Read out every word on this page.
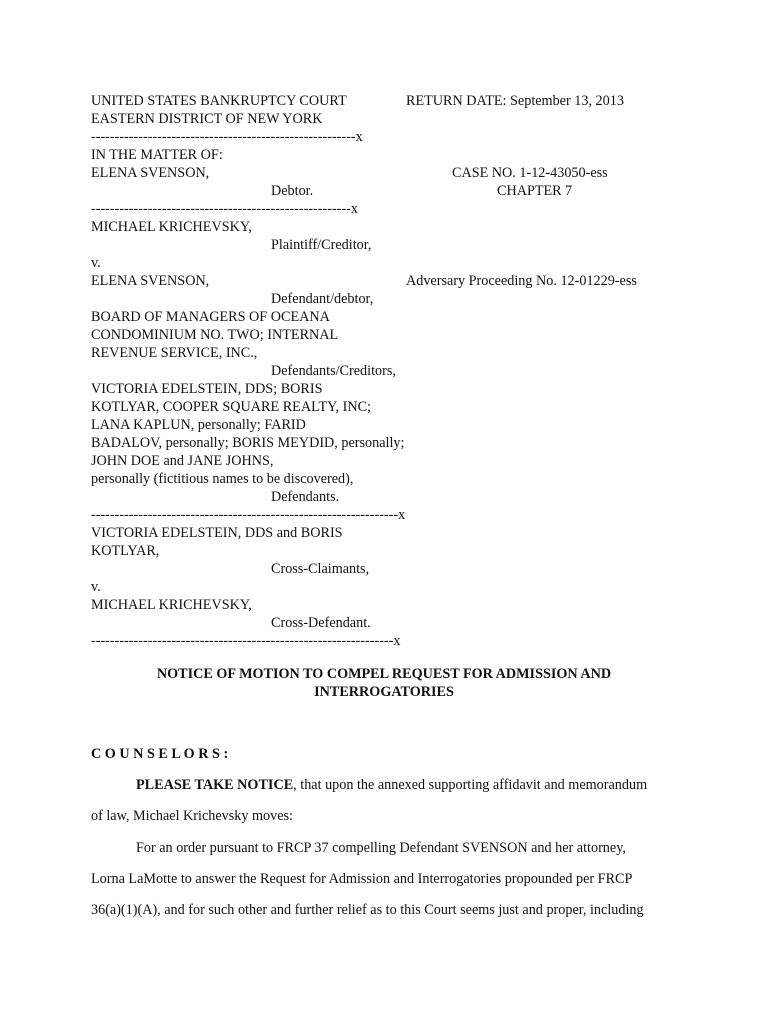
UNITED STATES BANKRUPTCY COURT	RETURN DATE: September 13, 2013
EASTERN DISTRICT OF NEW YORK
--------------------------------------------------------x
IN THE MATTER OF:
ELENA SVENSON,	CASE NO. 1-12-43050-ess
Debtor.	CHAPTER 7
-------------------------------------------------------x
MICHAEL KRICHEVSKY,
Plaintiff/Creditor,
v.
ELENA SVENSON,	Adversary Proceeding No. 12-01229-ess
Defendant/debtor,
BOARD OF MANAGERS OF OCEANA
CONDOMINIUM NO. TWO; INTERNAL
REVENUE SERVICE, INC.,
Defendants/Creditors,
VICTORIA EDELSTEIN, DDS; BORIS
KOTLYAR, COOPER SQUARE REALTY, INC;
LANA KAPLUN, personally; FARID
BADALOV, personally; BORIS MEYDID, personally;
JOHN DOE and JANE JOHNS,
personally (fictitious names to be discovered),
Defendants.
-----------------------------------------------------------------x
VICTORIA EDELSTEIN, DDS and BORIS
KOTLYAR,
Cross-Claimants,
v.
MICHAEL KRICHEVSKY,
Cross-Defendant.
----------------------------------------------------------------x
NOTICE OF MOTION TO COMPEL REQUEST FOR ADMISSION AND
INTERROGATORIES
C O U N S E L O R S :
PLEASE TAKE NOTICE, that upon the annexed supporting affidavit and memorandum
of law, Michael Krichevsky moves:
For an order pursuant to FRCP 37 compelling Defendant SVENSON and her attorney,
Lorna LaMotte to answer the Request for Admission and Interrogatories propounded per FRCP
36(a)(1)(A), and for such other and further relief as to this Court seems just and proper, including
